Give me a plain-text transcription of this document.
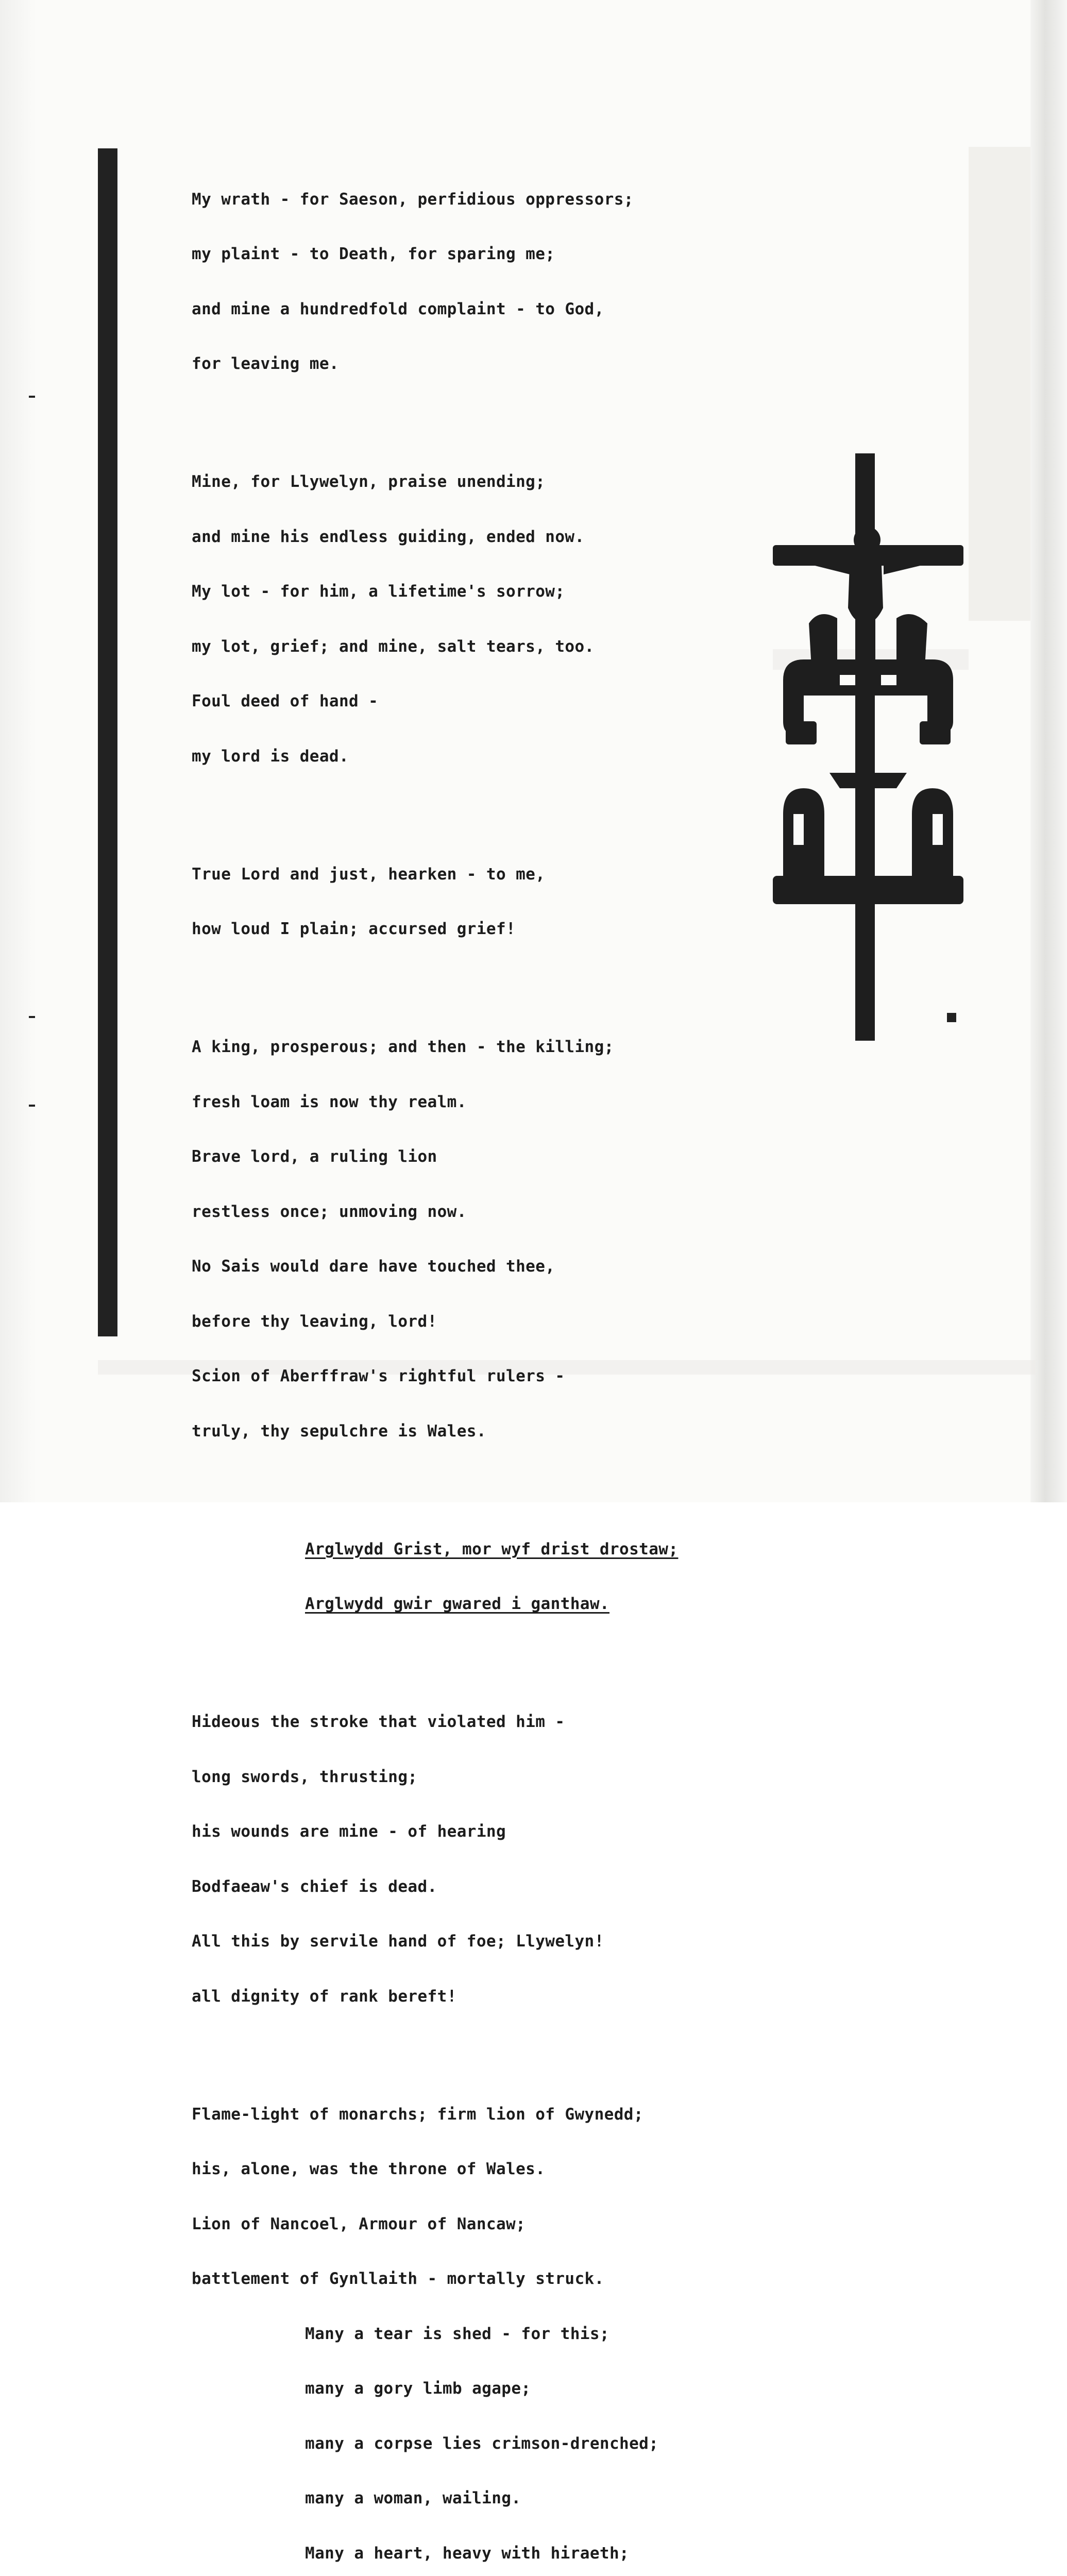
My wrath - for Saeson, perfidious oppressors;

my plaint - to Death, for sparing me;

and mine a hundredfold complaint - to God,

for leaving me.

Mine, for Llywelyn, praise unending;

and mine his endless guiding, ended now.

My lot - for him, a lifetime's sorrow;

my lot, grief; and mine, salt tears, too.

Foul deed of hand -

my lord is dead.

True Lord and just, hearken - to me,

how loud I plain; accursed grief!

A king, prosperous; and then - the killing;

fresh loam is now thy realm.

Brave lord, a ruling lion

restless once; unmoving now.

No Sais would dare have touched thee,

before thy leaving, lord!

Scion of Aberffraw's rightful rulers -

truly, thy sepulchre is Wales.

Arglwydd Grist, mor wyf drist drostaw;

Arglwydd gwir gwared i ganthaw.

Hideous the stroke that violated him -

long swords, thrusting;

his wounds are mine - of hearing

Bodfaeaw's chief is dead.

All this by servile hand of foe; Llywelyn!

all dignity of rank bereft!

Flame-light of monarchs; firm lion of Gwynedd;

his, alone, was the throne of Wales.

Lion of Nancoel, Armour of Nancaw;

battlement of Gynllaith - mortally struck.

Many a tear is shed - for this;

many a gory limb agape;

many a corpse lies crimson-drenched;

many a woman, wailing.

Many a heart, heavy with hiraeth;
